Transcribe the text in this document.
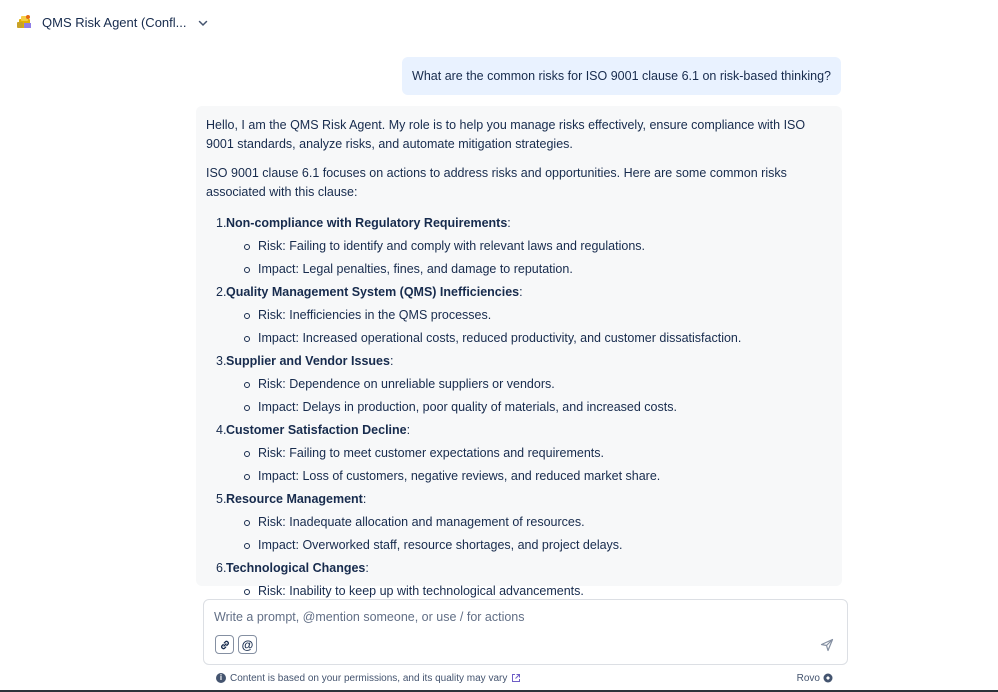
QMS Risk Agent (Confl...
What are the common risks for ISO 9001 clause 6.1 on risk-based thinking?

Hello, I am the QMS Risk Agent. My role is to help you manage risks effectively, ensure compliance with ISO 9001 standards, analyze risks, and automate mitigation strategies.

ISO 9001 clause 6.1 focuses on actions to address risks and opportunities. Here are some common risks associated with this clause:

1. Non-compliance with Regulatory Requirements :
Risk: Failing to identify and comply with relevant laws and regulations.
Impact: Legal penalties, fines, and damage to reputation.
2. Quality Management System (QMS) Inefficiencies :
Risk: Inefficiencies in the QMS processes.
Impact: Increased operational costs, reduced productivity, and customer dissatisfaction.
3. Supplier and Vendor Issues :
Risk: Dependence on unreliable suppliers or vendors.
Impact: Delays in production, poor quality of materials, and increased costs.
4. Customer Satisfaction Decline :
Risk: Failing to meet customer expectations and requirements.
Impact: Loss of customers, negative reviews, and reduced market share.
5. Resource Management :
Risk: Inadequate allocation and management of resources.
Impact: Overworked staff, resource shortages, and project delays.
6. Technological Changes :
Risk: Inability to keep up with technological advancements.
Write a prompt, @mention someone, or use / for actions
@
i Content is based on your permissions, and its quality may vary	Rovo
